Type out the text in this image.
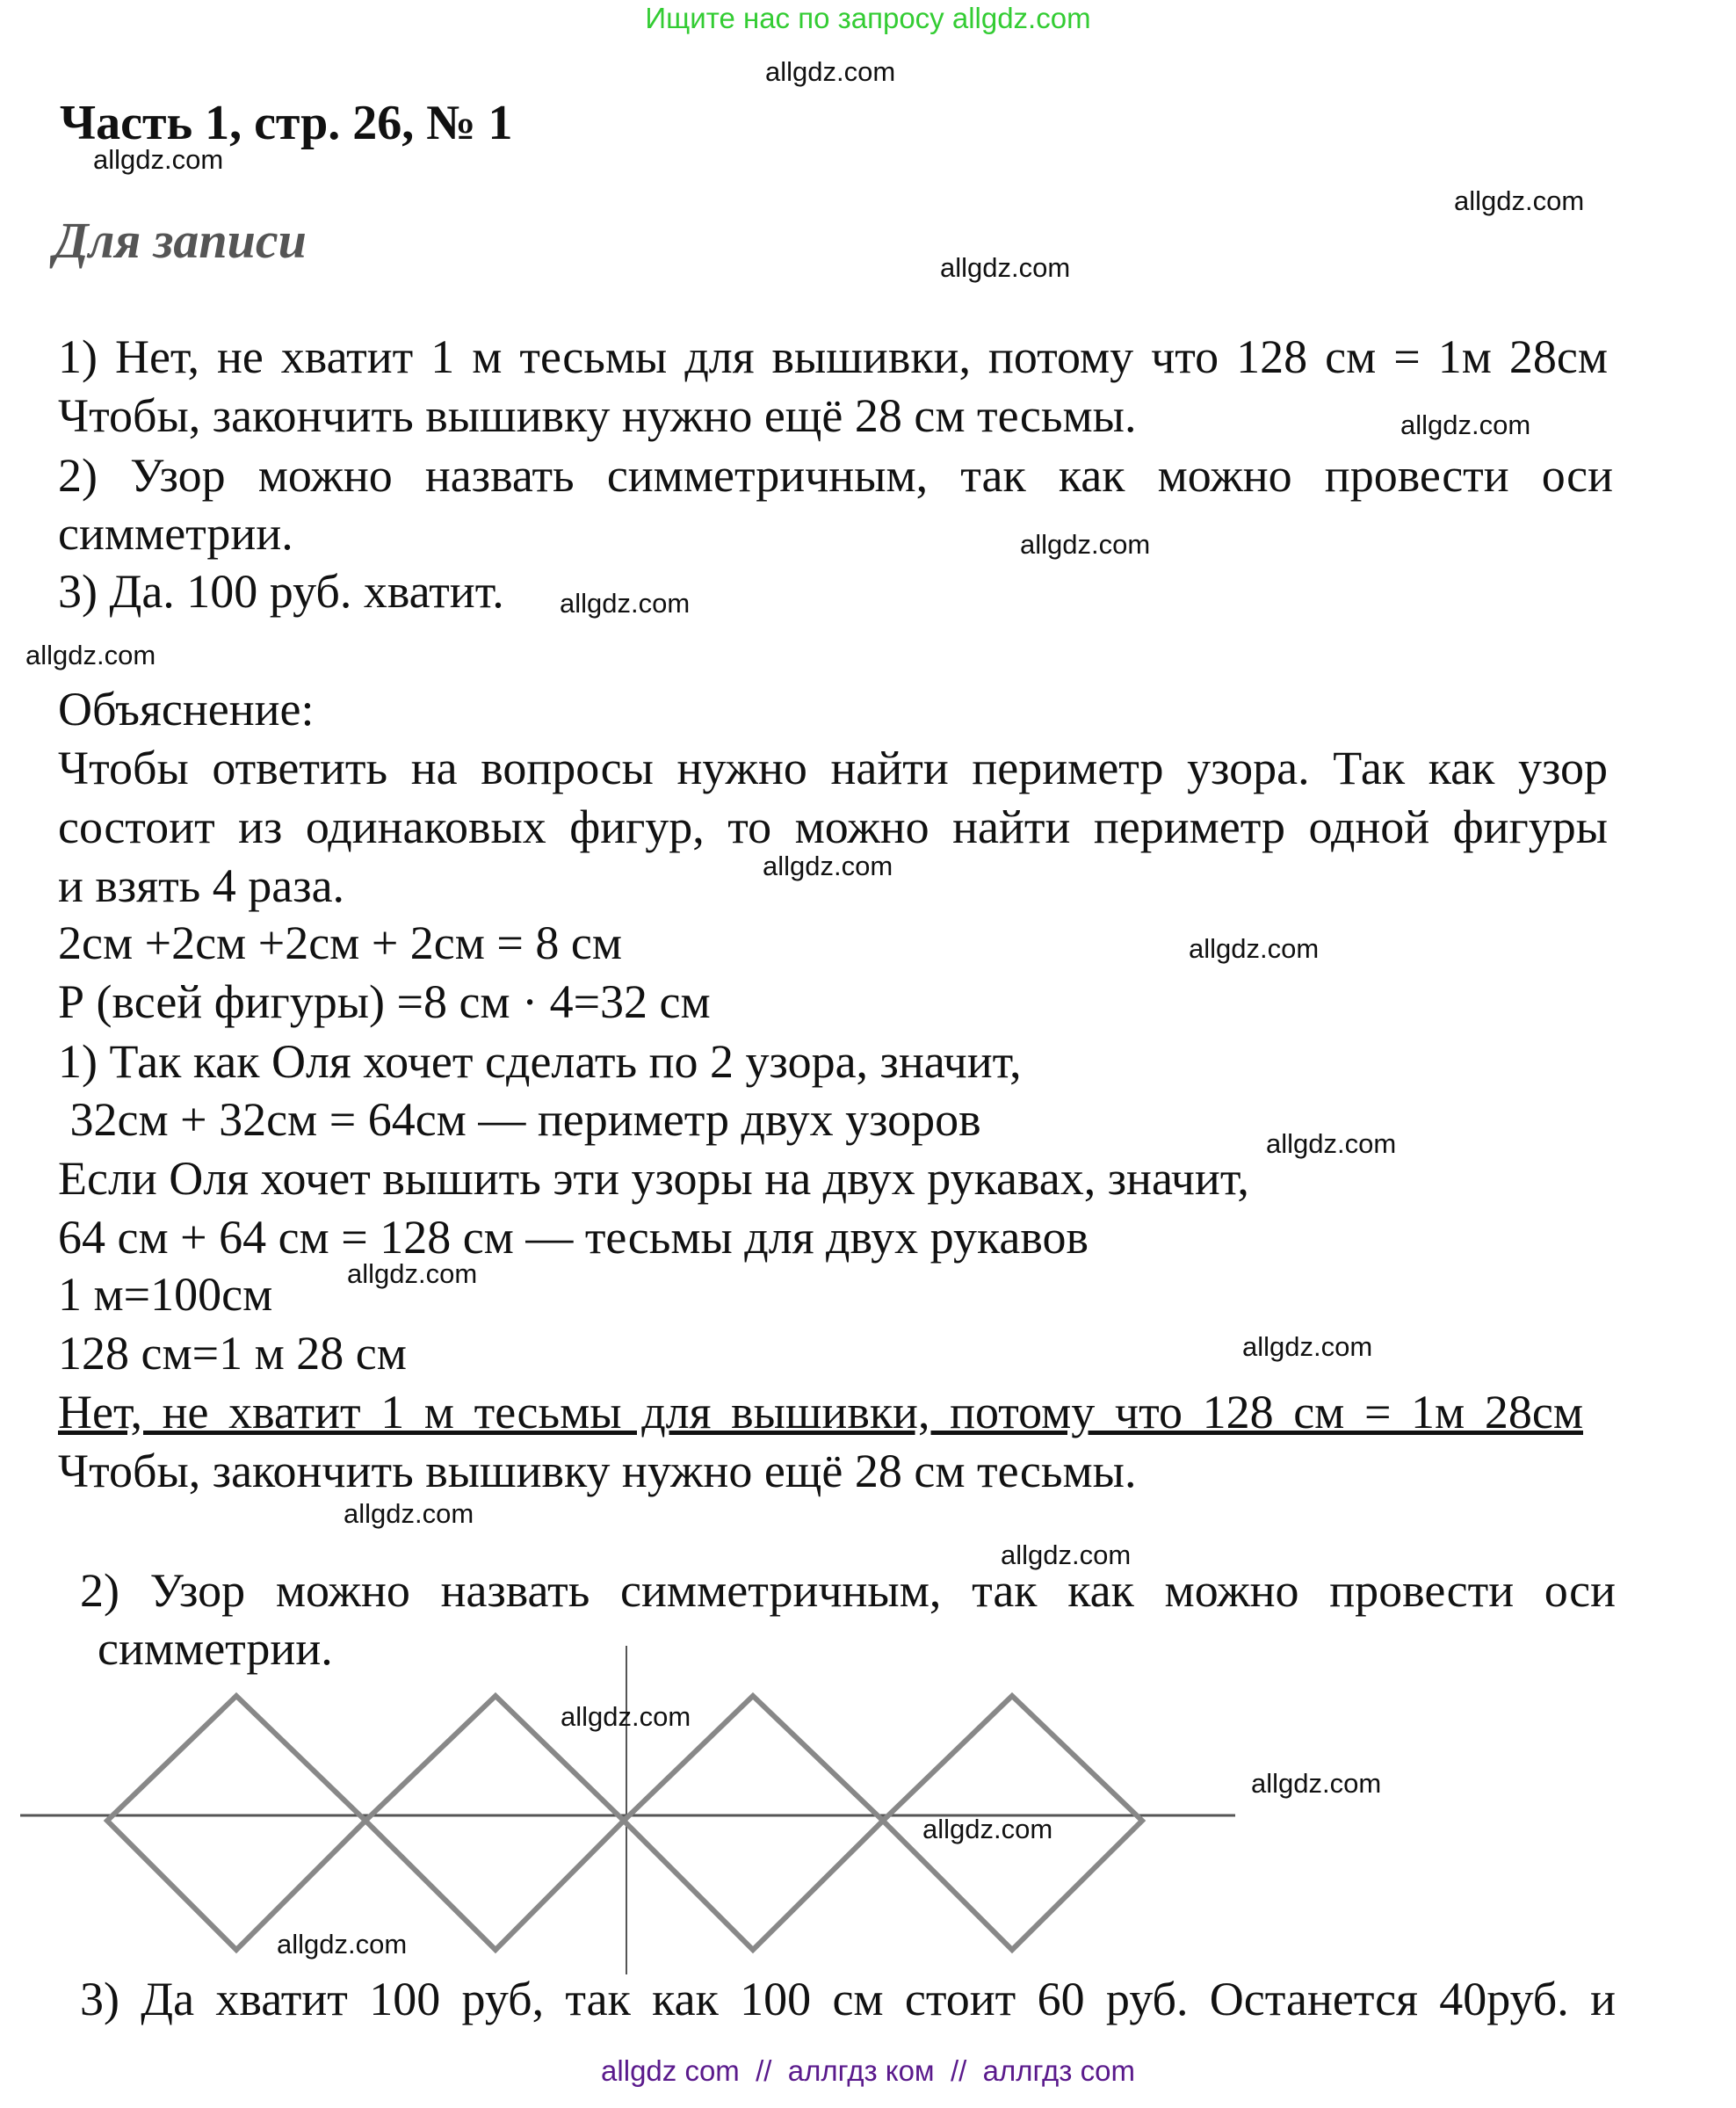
Ищите нас по запросу allgdz.com
Часть 1, стр. 26, № 1
Для записи
1) Нет, не хватит 1 м тесьмы для вышивки, потому что 128 см = 1м 28см
Чтобы, закончить вышивку нужно ещё 28 см тесьмы.
2) Узор можно назвать симметричным, так как можно провести оси
симметрии.
3) Да. 100 руб. хватит.
Объяснение:
Чтобы ответить на вопросы нужно найти периметр узора. Так как узор
состоит из одинаковых фигур, то можно найти периметр одной фигуры
и взять 4 раза.
2см +2см +2см + 2см = 8 см
Р (всей фигуры) =8 см · 4=32 см
1) Так как Оля хочет сделать по 2 узора, значит,
32см + 32см = 64см — периметр двух узоров
Если Оля хочет вышить эти узоры на двух рукавах, значит,
64 см + 64 см = 128 см — тесьмы для двух рукавов
1 м=100см
128 см=1 м 28 см
Нет, не хватит 1 м тесьмы для вышивки, потому что 128 см = 1м 28см
Чтобы, закончить вышивку нужно ещё 28 см тесьмы.
2) Узор можно назвать симметричным, так как можно провести оси
симметрии.
3) Да хватит 100 руб, так как 100 см стоит 60 руб. Останется 40руб. и
allgdz.com
allgdz.com
allgdz.com
allgdz.com
allgdz.com
allgdz.com
allgdz.com
allgdz.com
allgdz.com
allgdz.com
allgdz.com
allgdz.com
allgdz.com
allgdz.com
allgdz.com
allgdz.com
allgdz.com
allgdz.com
allgdz.com
allgdz com  //  аллгдз ком  //  аллгдз com
